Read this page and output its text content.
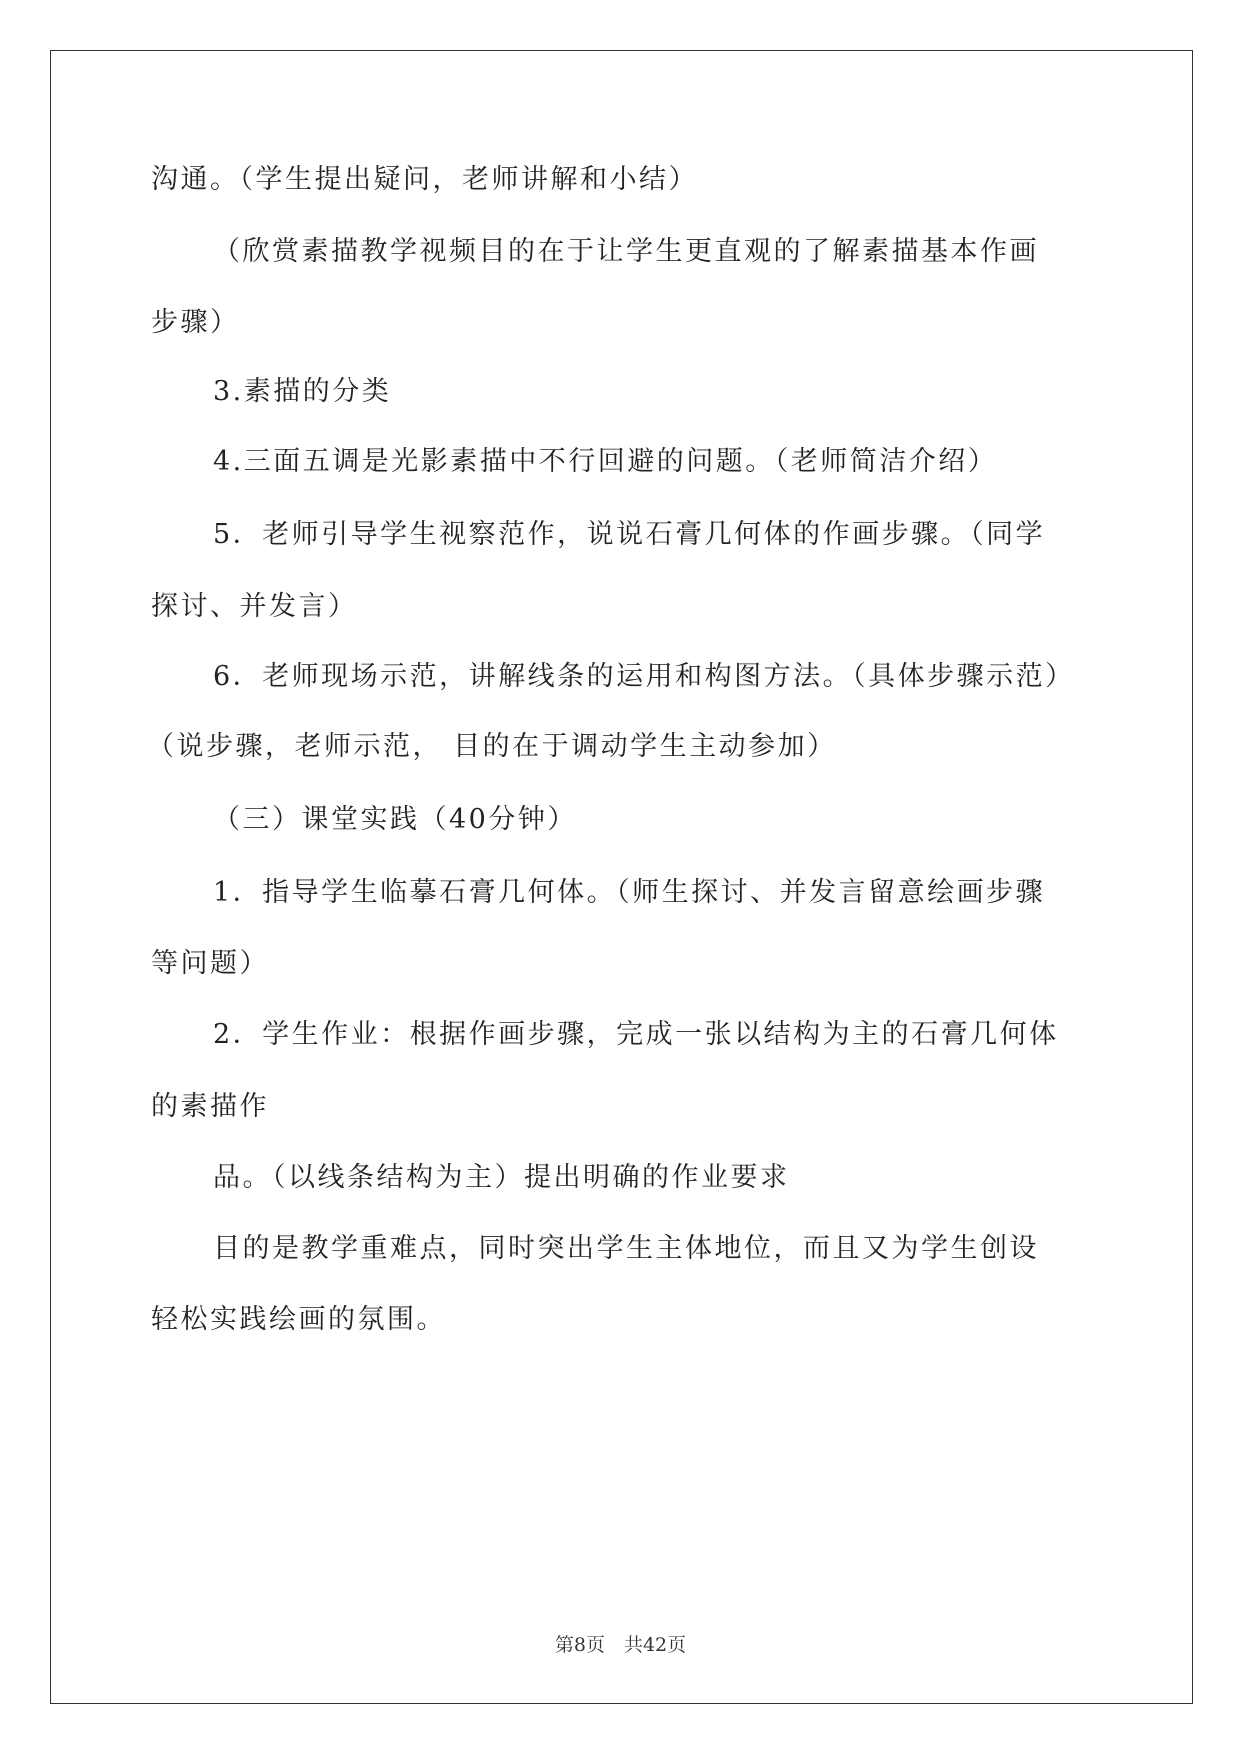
沟通。（学生提出疑问，老师讲解和小结）
（欣赏素描教学视频目的在于让学生更直观的了解素描基本作画
步骤）
3.素描的分类
4.三面五调是光影素描中不行回避的问题。（老师简洁介绍）
5．老师引导学生视察范作，说说石膏几何体的作画步骤。（同学
探讨、并发言）
6．老师现场示范，讲解线条的运用和构图方法。（具体步骤示范）
（说步骤，老师示范， 目的在于调动学生主动参加）
（三）课堂实践（40分钟）
1．指导学生临摹石膏几何体。（师生探讨、并发言留意绘画步骤
等问题）
2．学生作业：根据作画步骤，完成一张以结构为主的石膏几何体
的素描作
品。（以线条结构为主）提出明确的作业要求
目的是教学重难点，同时突出学生主体地位，而且又为学生创设
轻松实践绘画的氛围。
第8页　共42页
